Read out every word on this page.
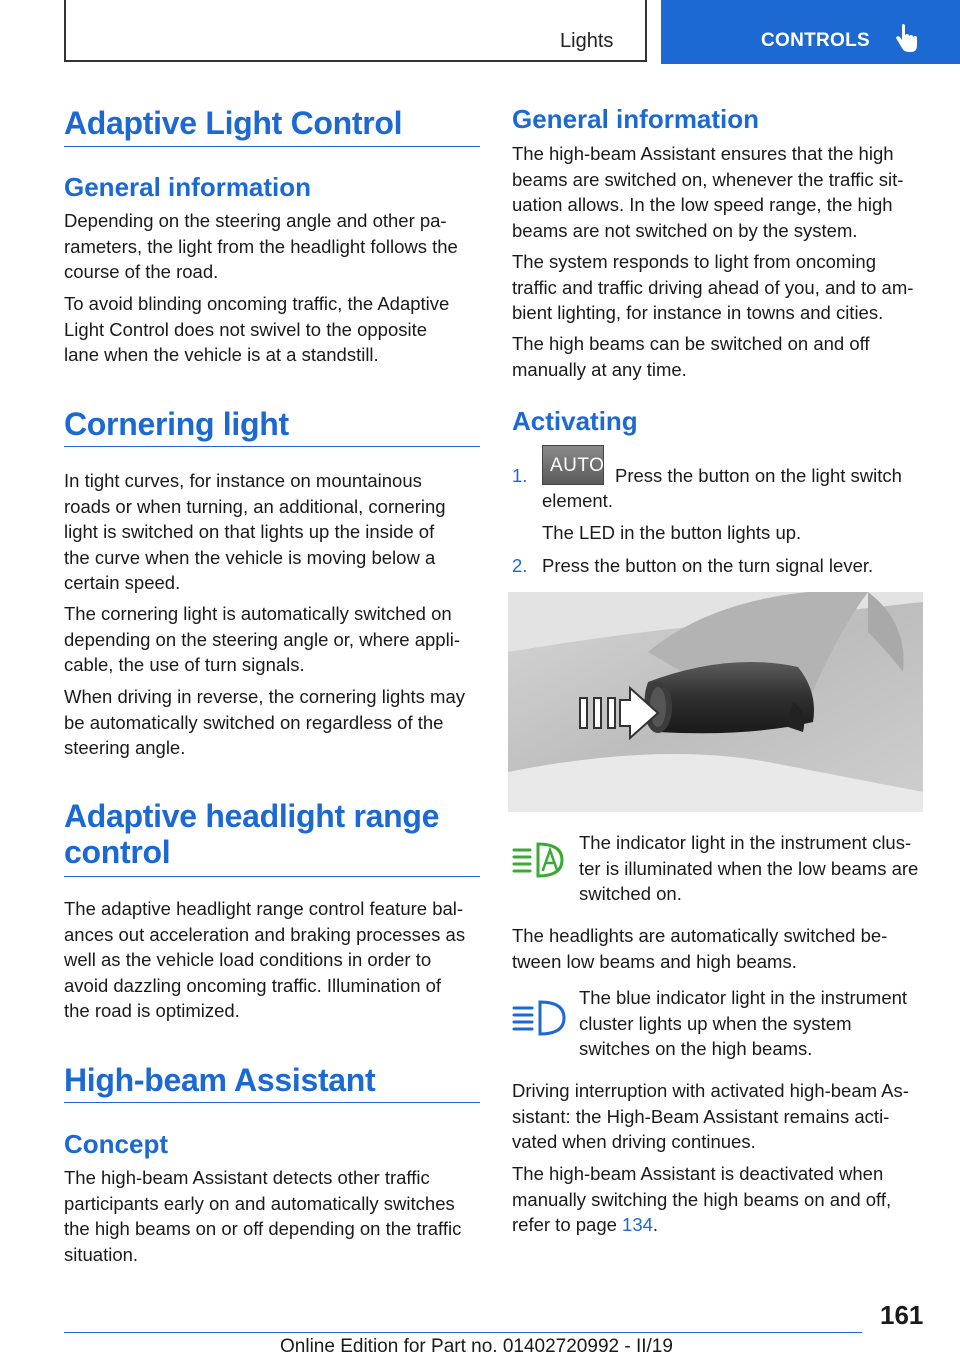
Lights	CONTROLS
Adaptive Light Control
General information
Depending on the steering angle and other pa-
rameters, the light from the headlight follows the
course of the road.
To avoid blinding oncoming traffic, the Adaptive
Light Control does not swivel to the opposite
lane when the vehicle is at a standstill.
Cornering light
In tight curves, for instance on mountainous
roads or when turning, an additional, cornering
light is switched on that lights up the inside of
the curve when the vehicle is moving below a
certain speed.
The cornering light is automatically switched on
depending on the steering angle or, where appli-
cable, the use of turn signals.
When driving in reverse, the cornering lights may
be automatically switched on regardless of the
steering angle.
Adaptive headlight range
control
The adaptive headlight range control feature bal-
ances out acceleration and braking processes as
well as the vehicle load conditions in order to
avoid dazzling oncoming traffic. Illumination of
the road is optimized.
High-beam Assistant
Concept
The high-beam Assistant detects other traffic
participants early on and automatically switches
the high beams on or off depending on the traffic
situation.
General information
The high-beam Assistant ensures that the high
beams are switched on, whenever the traffic sit-
uation allows. In the low speed range, the high
beams are not switched on by the system.
The system responds to light from oncoming
traffic and traffic driving ahead of you, and to am-
bient lighting, for instance in towns and cities.
The high beams can be switched on and off
manually at any time.
Activating
1. AUTO Press the button on the light switch
element.
The LED in the button lights up.
2. Press the button on the turn signal lever.
The indicator light in the instrument clus-
ter is illuminated when the low beams are
switched on.
The headlights are automatically switched be-
tween low beams and high beams.
The blue indicator light in the instrument
cluster lights up when the system
switches on the high beams.
Driving interruption with activated high-beam As-
sistant: the High-Beam Assistant remains acti-
vated when driving continues.
The high-beam Assistant is deactivated when
manually switching the high beams on and off,
refer to page 134.
161
Online Edition for Part no. 01402720992 - II/19
